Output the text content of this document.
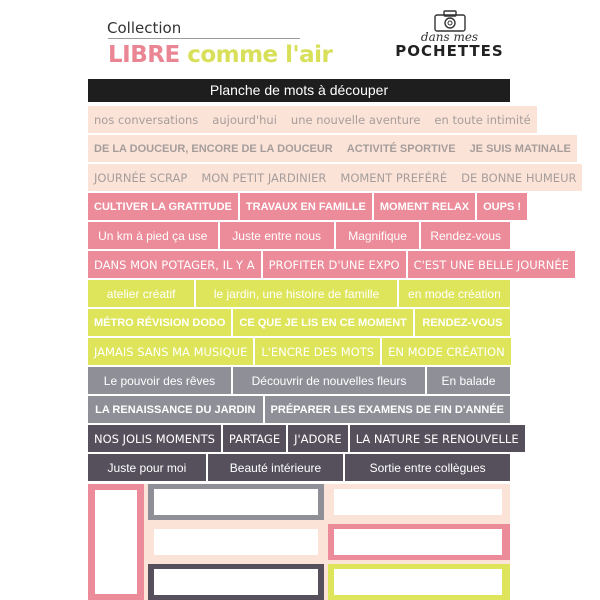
Collection
LIBRE comme l'air
dans mes
POCHETTES
Planche de mots à découper
nos conversations	aujourd'hui	une nouvelle aventure	en toute intimité
DE LA DOUCEUR, ENCORE DE LA DOUCEUR	ACTIVITÉ SPORTIVE	JE SUIS MATINALE
JOURNÉE SCRAP	MON PETIT JARDINIER	MOMENT PREFÉRÉ	DE BONNE HUMEUR
CULTIVER LA GRATITUDE	TRAVAUX EN FAMILLE	MOMENT RELAX	OUPS !
Un km à pied ça use	Juste entre nous	Magnifique	Rendez-vous
DANS MON POTAGER, IL Y A	PROFITER D'UNE EXPO	C'EST UNE BELLE JOURNÉE
atelier créatif	le jardin, une histoire de famille	en mode création
MÉTRO RÉVISION DODO	CE QUE JE LIS EN CE MOMENT	RENDEZ-VOUS
JAMAIS SANS MA MUSIQUE	L'ENCRE DES MOTS	EN MODE CRÉATION
Le pouvoir des rêves	Découvrir de nouvelles fleurs	En balade
LA RENAISSANCE DU JARDIN	PRÉPARER LES EXAMENS DE FIN D'ANNÉE
NOS JOLIS MOMENTS	PARTAGE	J'ADORE	LA NATURE SE RENOUVELLE
Juste pour moi	Beauté intérieure	Sortie entre collègues
